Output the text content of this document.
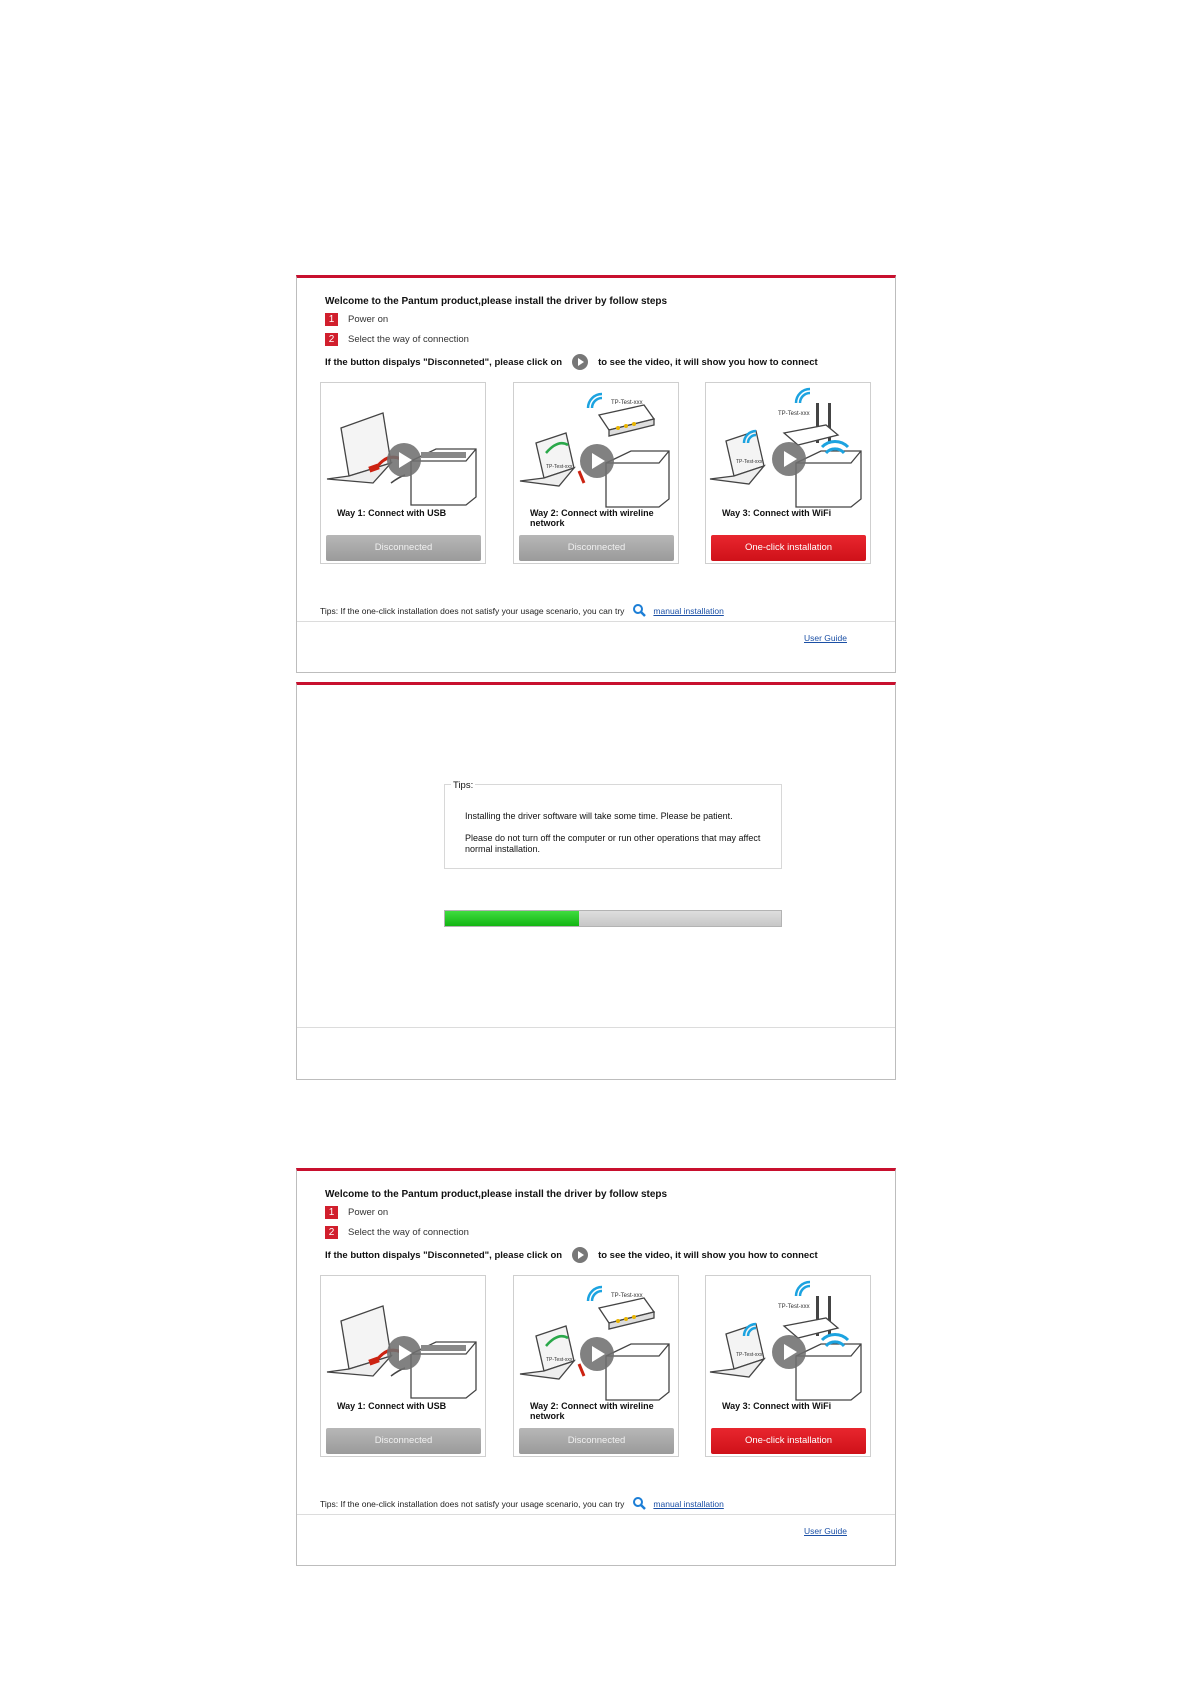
Welcome to the Pantum product,please install the driver by follow steps
1	Power on
2	Select the way of connection
If the button dispalys "Disconneted", please click on	to see the video, it will show you how to connect
Way 1: Connect with USB
Disconnected
TP-Test-xxx
TP-Test-xxx
Way 2: Connect with wireline network
Disconnected
TP-Test-xxx
TP-Test-xxx
Way 3: Connect with WiFi
One-click installation
Tips: If the one-click installation does not satisfy your usage scenario, you can try	manual installation
User Guide
Tips:
Installing the driver software will take some time. Please be patient.
Please do not turn off the computer or run other operations that may affect normal installation.
Welcome to the Pantum product,please install the driver by follow steps
1	Power on
2	Select the way of connection
If the button dispalys "Disconneted", please click on	to see the video, it will show you how to connect
Way 1: Connect with USB
Disconnected
TP-Test-xxx
TP-Test-xxx
Way 2: Connect with wireline network
Disconnected
TP-Test-xxx
TP-Test-xxx
Way 3: Connect with WiFi
One-click installation
Tips: If the one-click installation does not satisfy your usage scenario, you can try	manual installation
User Guide
